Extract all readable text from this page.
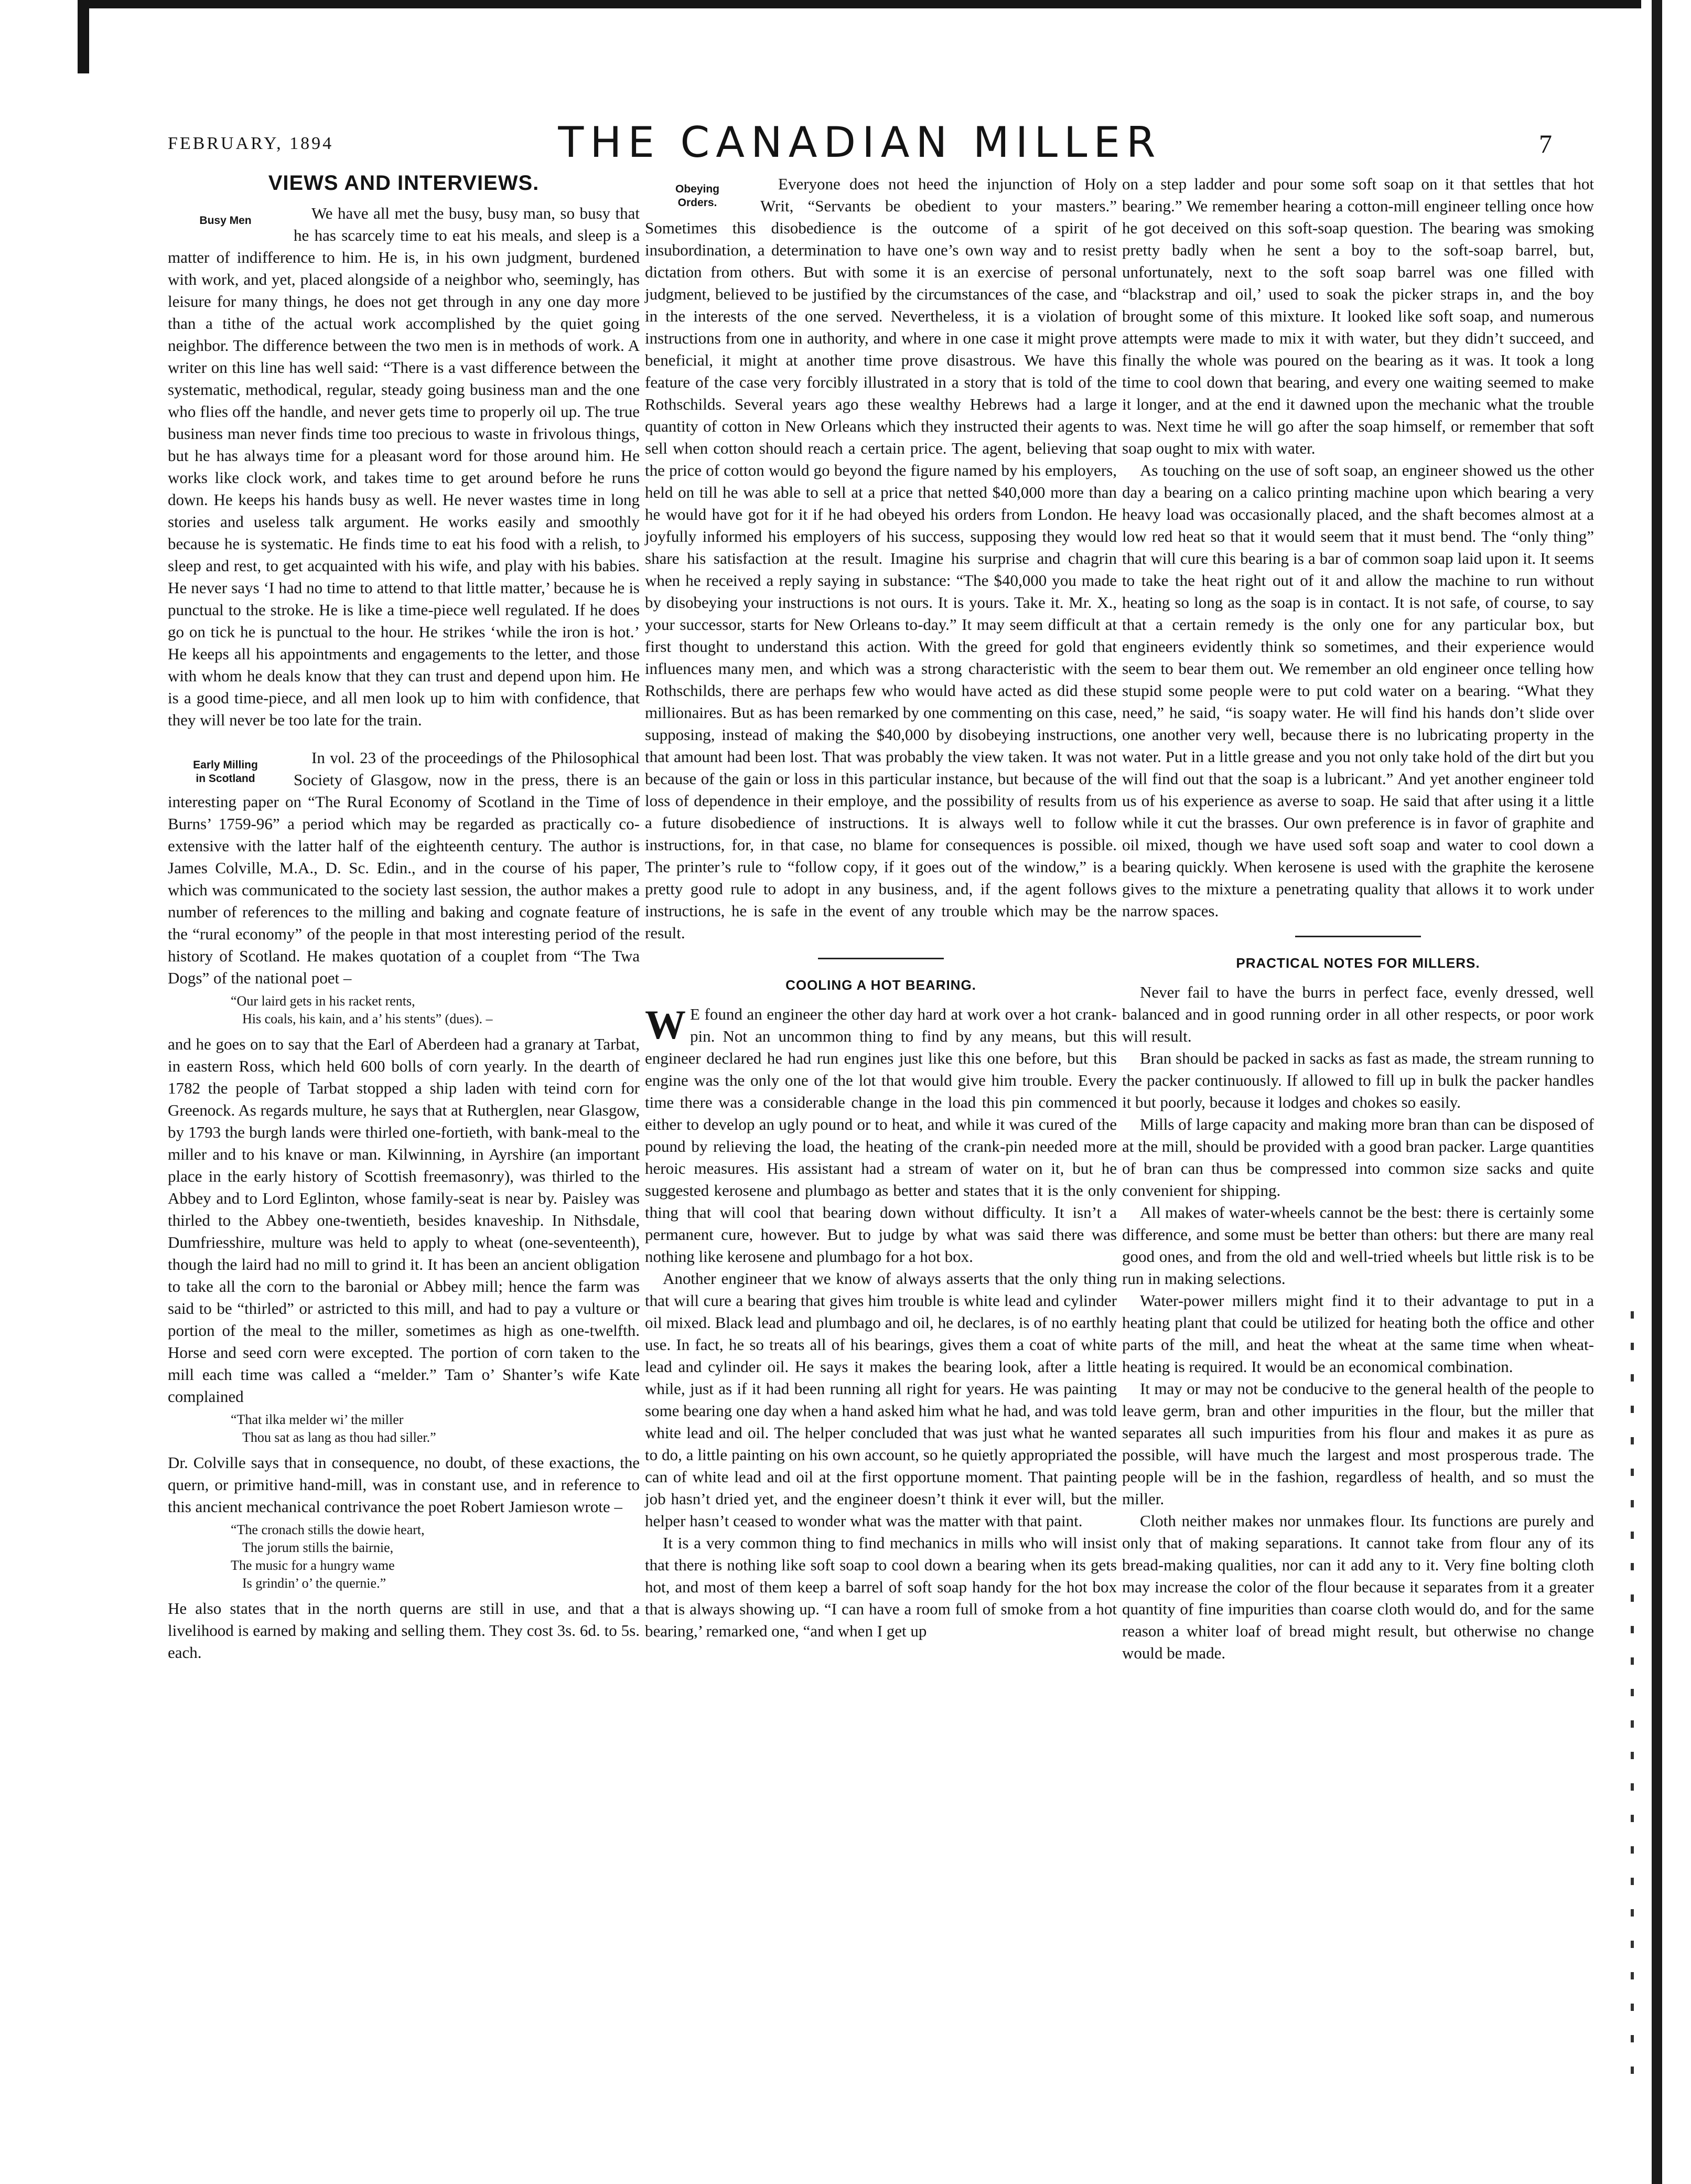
FEBRUARY, 1894	THE CANADIAN MILLER	7
VIEWS AND INTERVIEWS.
Busy Men	We have all met the busy, busy man, so busy that he has scarcely time to eat his meals, and sleep is a matter of indifference to him. He is, in his own judgment, burdened with work, and yet, placed alongside of a neighbor who, seemingly, has leisure for many things, he does not get through in any one day more than a tithe of the actual work accomplished by the quiet going neighbor. The difference between the two men is in methods of work. A writer on this line has well said: “There is a vast difference between the systematic, methodical, regular, steady going business man and the one who flies off the handle, and never gets time to properly oil up. The true business man never finds time too precious to waste in frivolous things, but he has always time for a pleasant word for those around him. He works like clock work, and takes time to get around before he runs down. He keeps his hands busy as well. He never wastes time in long stories and useless talk argument. He works easily and smoothly because he is systematic. He finds time to eat his food with a relish, to sleep and rest, to get acquainted with his wife, and play with his babies. He never says ‘I had no time to attend to that little matter,’ because he is punctual to the stroke. He is like a time-piece well regulated. If he does go on tick he is punctual to the hour. He strikes ‘while the iron is hot.’ He keeps all his appointments and engagements to the letter, and those with whom he deals know that they can trust and depend upon him. He is a good time-piece, and all men look up to him with confidence, that they will never be too late for the train.

Early Milling
in Scotland

In vol. 23 of the proceedings of the Philosophical Society of Glasgow, now in the press, there is an interesting paper on “The Rural Economy of Scotland in the Time of Burns’ 1759-96” a period which may be regarded as practically co-extensive with the latter half of the eighteenth century. The author is James Colville, M.A., D. Sc. Edin., and in the course of his paper, which was communicated to the society last session, the author makes a number of references to the milling and baking and cognate feature of the “rural economy” of the people in that most interesting period of the history of Scotland. He makes quotation of a couplet from “The Twa Dogs” of the national poet –

“Our laird gets in his racket rents,
His coals, his kain, and a’ his stents” (dues). –

and he goes on to say that the Earl of Aberdeen had a granary at Tarbat, in eastern Ross, which held 600 bolls of corn yearly. In the dearth of 1782 the people of Tarbat stopped a ship laden with teind corn for Greenock. As regards multure, he says that at Rutherglen, near Glasgow, by 1793 the burgh lands were thirled one-fortieth, with bank-meal to the miller and to his knave or man. Kilwinning, in Ayrshire (an important place in the early history of Scottish freemasonry), was thirled to the Abbey and to Lord Eglinton, whose family-seat is near by. Paisley was thirled to the Abbey one-twentieth, besides knaveship. In Nithsdale, Dumfriesshire, multure was held to apply to wheat (one-seventeenth), though the laird had no mill to grind it. It has been an ancient obligation to take all the corn to the baronial or Abbey mill; hence the farm was said to be “thirled” or astricted to this mill, and had to pay a vulture or portion of the meal to the miller, sometimes as high as one-twelfth. Horse and seed corn were excepted. The portion of corn taken to the mill each time was called a “melder.” Tam o’ Shanter’s wife Kate complained

“That ilka melder wi’ the miller
Thou sat as lang as thou had siller.”

Dr. Colville says that in consequence, no doubt, of these exactions, the quern, or primitive hand-mill, was in constant use, and in reference to this ancient mechanical contrivance the poet Robert Jamieson wrote –

“The cronach stills the dowie heart,
The jorum stills the bairnie,
The music for a hungry wame
Is grindin’ o’ the quernie.”

He also states that in the north querns are still in use, and that a livelihood is earned by making and selling them. They cost 3s. 6d. to 5s. each.

Obeying
Orders.

Everyone does not heed the injunction of Holy Writ, “Servants be obedient to your masters.” Sometimes this disobedience is the outcome of a spirit of insubordination, a determination to have one’s own way and to resist dictation from others. But with some it is an exercise of personal judgment, believed to be justified by the circumstances of the case, and in the interests of the one served. Nevertheless, it is a violation of instructions from one in authority, and where in one case it might prove beneficial, it might at another time prove disastrous. We have this feature of the case very forcibly illustrated in a story that is told of the Rothschilds. Several years ago these wealthy Hebrews had a large quantity of cotton in New Orleans which they instructed their agents to sell when cotton should reach a certain price. The agent, believing that the price of cotton would go beyond the figure named by his employers, held on till he was able to sell at a price that netted $40,000 more than he would have got for it if he had obeyed his orders from London. He joyfully informed his employers of his success, supposing they would share his satisfaction at the result. Imagine his surprise and chagrin when he received a reply saying in substance: “The $40,000 you made by disobeying your instructions is not ours. It is yours. Take it. Mr. X., your successor, starts for New Orleans to-day.” It may seem difficult at first thought to understand this action. With the greed for gold that influences many men, and which was a strong characteristic with the Rothschilds, there are perhaps few who would have acted as did these millionaires. But as has been remarked by one commenting on this case, supposing, instead of making the $40,000 by disobeying instructions, that amount had been lost. That was probably the view taken. It was not because of the gain or loss in this particular instance, but because of the loss of dependence in their employe, and the possibility of results from a future disobedience of instructions. It is always well to follow instructions, for, in that case, no blame for consequences is possible. The printer’s rule to “follow copy, if it goes out of the window,” is a pretty good rule to adopt in any business, and, if the agent follows instructions, he is safe in the event of any trouble which may be the result.

COOLING A HOT BEARING.

W E found an engineer the other day hard at work over a hot crank-pin. Not an uncommon thing to find by any means, but this engineer declared he had run engines just like this one before, but this engine was the only one of the lot that would give him trouble. Every time there was a considerable change in the load this pin commenced either to develop an ugly pound or to heat, and while it was cured of the pound by relieving the load, the heating of the crank-pin needed more heroic measures. His assistant had a stream of water on it, but he suggested kerosene and plumbago as better and states that it is the only thing that will cool that bearing down without difficulty. It isn’t a permanent cure, however. But to judge by what was said there was nothing like kerosene and plumbago for a hot box.

Another engineer that we know of always asserts that the only thing that will cure a bearing that gives him trouble is white lead and cylinder oil mixed. Black lead and plumbago and oil, he declares, is of no earthly use. In fact, he so treats all of his bearings, gives them a coat of white lead and cylinder oil. He says it makes the bearing look, after a little while, just as if it had been running all right for years. He was painting some bearing one day when a hand asked him what he had, and was told white lead and oil. The helper concluded that was just what he wanted to do, a little painting on his own account, so he quietly appropriated the can of white lead and oil at the first opportune moment. That painting job hasn’t dried yet, and the engineer doesn’t think it ever will, but the helper hasn’t ceased to wonder what was the matter with that paint.

It is a very common thing to find mechanics in mills who will insist that there is nothing like soft soap to cool down a bearing when its gets hot, and most of them keep a barrel of soft soap handy for the hot box that is always showing up. “I can have a room full of smoke from a hot bearing,’ remarked one, “and when I get up

on a step ladder and pour some soft soap on it that settles that hot bearing.” We remember hearing a cotton-mill engineer telling once how he got deceived on this soft-soap question. The bearing was smoking pretty badly when he sent a boy to the soft-soap barrel, but, unfortunately, next to the soft soap barrel was one filled with “blackstrap and oil,’ used to soak the picker straps in, and the boy brought some of this mixture. It looked like soft soap, and numerous attempts were made to mix it with water, but they didn’t succeed, and finally the whole was poured on the bearing as it was. It took a long time to cool down that bearing, and every one waiting seemed to make it longer, and at the end it dawned upon the mechanic what the trouble was. Next time he will go after the soap himself, or remember that soft soap ought to mix with water.

As touching on the use of soft soap, an engineer showed us the other day a bearing on a calico printing machine upon which bearing a very heavy load was occasionally placed, and the shaft becomes almost at a low red heat so that it would seem that it must bend. The “only thing” that will cure this bearing is a bar of common soap laid upon it. It seems to take the heat right out of it and allow the machine to run without heating so long as the soap is in contact. It is not safe, of course, to say that a certain remedy is the only one for any particular box, but engineers evidently think so sometimes, and their experience would seem to bear them out. We remember an old engineer once telling how stupid some people were to put cold water on a bearing. “What they need,” he said, “is soapy water. He will find his hands don’t slide over one another very well, because there is no lubricating property in the water. Put in a little grease and you not only take hold of the dirt but you will find out that the soap is a lubricant.” And yet another engineer told us of his experience as averse to soap. He said that after using it a little while it cut the brasses. Our own preference is in favor of graphite and oil mixed, though we have used soft soap and water to cool down a bearing quickly. When kerosene is used with the graphite the kerosene gives to the mixture a penetrating quality that allows it to work under narrow spaces.

PRACTICAL NOTES FOR MILLERS.

Never fail to have the burrs in perfect face, evenly dressed, well balanced and in good running order in all other respects, or poor work will result.

Bran should be packed in sacks as fast as made, the stream running to the packer continuously. If allowed to fill up in bulk the packer handles it but poorly, because it lodges and chokes so easily.

Mills of large capacity and making more bran than can be disposed of at the mill, should be provided with a good bran packer. Large quantities of bran can thus be compressed into common size sacks and quite convenient for shipping.

All makes of water-wheels cannot be the best: there is certainly some difference, and some must be better than others: but there are many real good ones, and from the old and well-tried wheels but little risk is to be run in making selections.

Water-power millers might find it to their advantage to put in a heating plant that could be utilized for heating both the office and other parts of the mill, and heat the wheat at the same time when wheat-heating is required. It would be an economical combination.

It may or may not be conducive to the general health of the people to leave germ, bran and other impurities in the flour, but the miller that separates all such impurities from his flour and makes it as pure as possible, will have much the largest and most prosperous trade. The people will be in the fashion, regardless of health, and so must the miller.

Cloth neither makes nor unmakes flour. Its functions are purely and only that of making separations. It cannot take from flour any of its bread-making qualities, nor can it add any to it. Very fine bolting cloth may increase the color of the flour because it separates from it a greater quantity of fine impurities than coarse cloth would do, and for the same reason a whiter loaf of bread might result, but otherwise no change would be made.
